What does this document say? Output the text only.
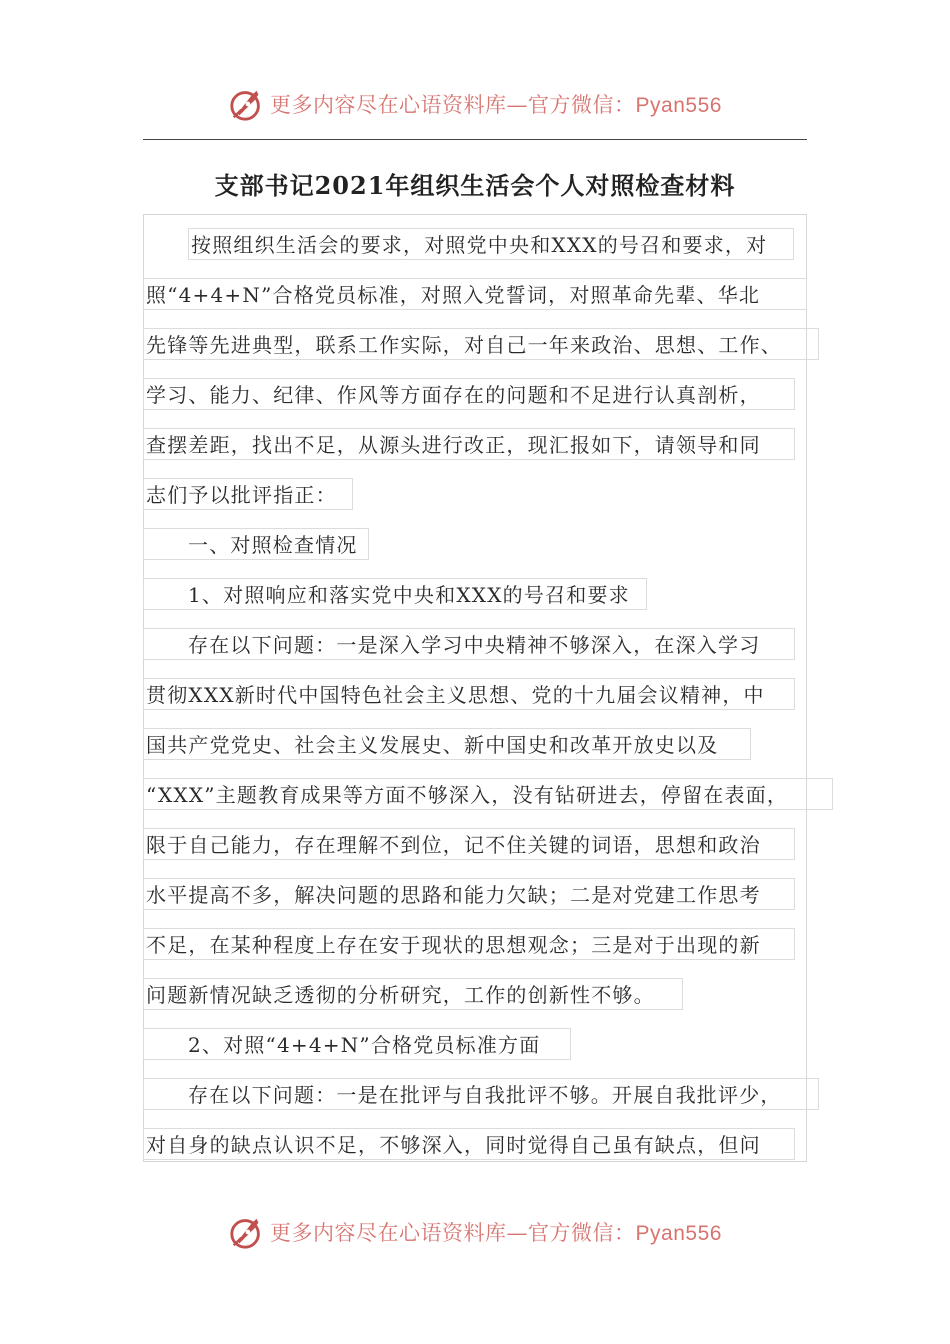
更多内容尽在心语资料库—官方微信：Pyan556
支部书记2021年组织生活会个人对照检查材料
按照组织生活会的要求，对照党中央和XXX的号召和要求，对
照“4+4+N”合格党员标准，对照入党誓词，对照革命先辈、华北
先锋等先进典型，联系工作实际，对自己一年来政治、思想、工作、
学习、能力、纪律、作风等方面存在的问题和不足进行认真剖析，
查摆差距，找出不足，从源头进行改正，现汇报如下，请领导和同
志们予以批评指正：
一、对照检查情况
1、对照响应和落实党中央和XXX的号召和要求
存在以下问题：一是深入学习中央精神不够深入，在深入学习
贯彻XXX新时代中国特色社会主义思想、党的十九届会议精神，中
国共产党党史、社会主义发展史、新中国史和改革开放史以及
“XXX”主题教育成果等方面不够深入，没有钻研进去，停留在表面，
限于自己能力，存在理解不到位，记不住关键的词语，思想和政治
水平提高不多，解决问题的思路和能力欠缺；二是对党建工作思考
不足，在某种程度上存在安于现状的思想观念；三是对于出现的新
问题新情况缺乏透彻的分析研究，工作的创新性不够。
2、对照“4+4+N”合格党员标准方面
存在以下问题：一是在批评与自我批评不够。开展自我批评少，
对自身的缺点认识不足，不够深入，同时觉得自己虽有缺点，但问
更多内容尽在心语资料库—官方微信：Pyan556
